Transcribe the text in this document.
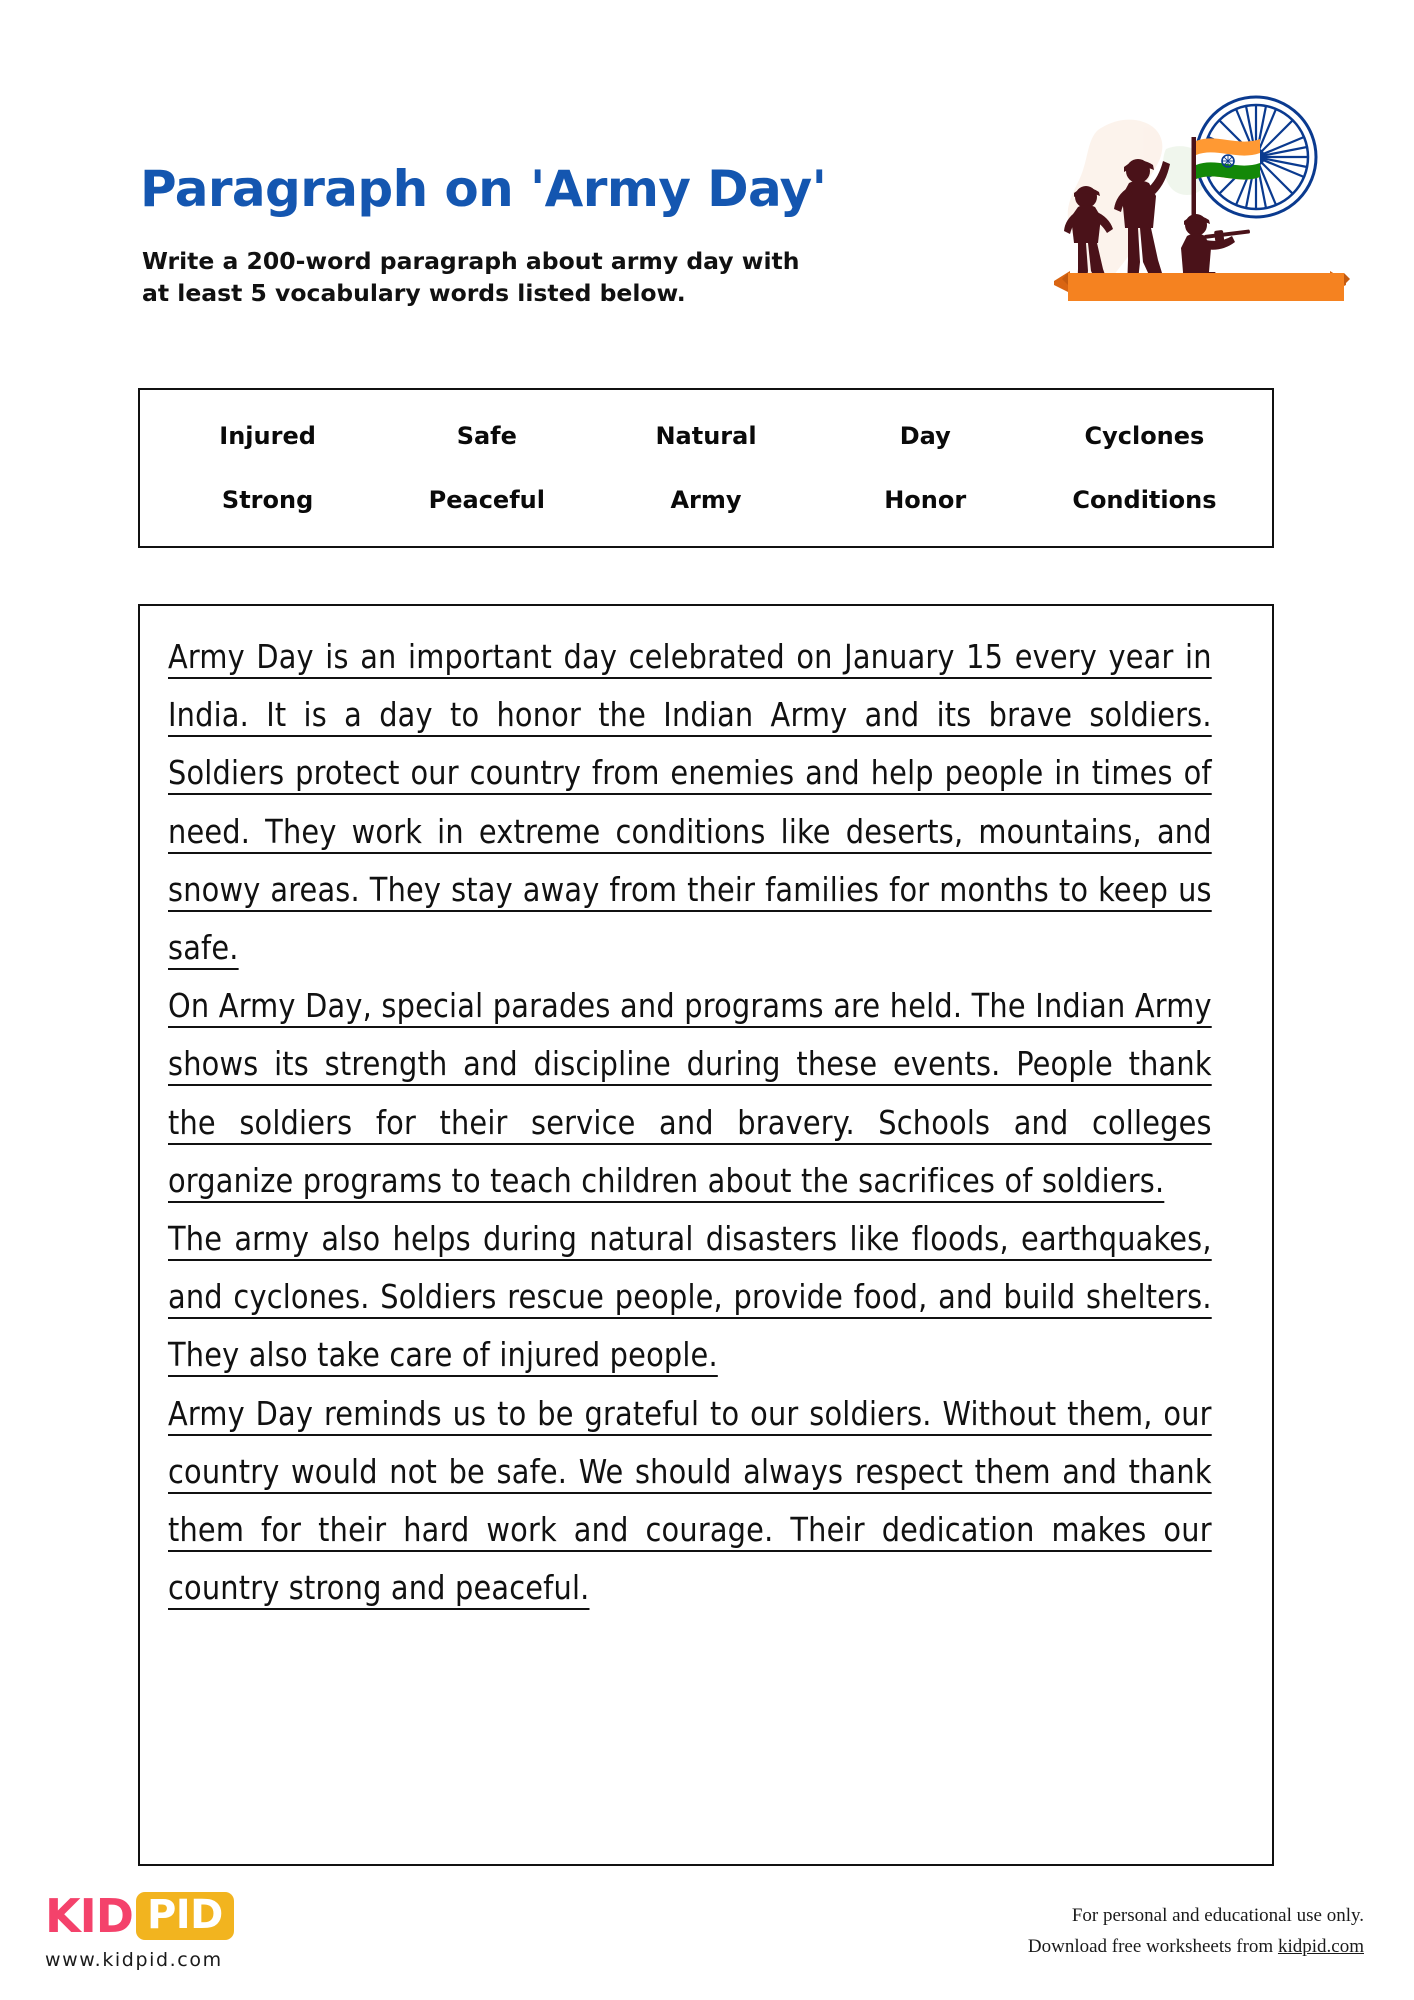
Paragraph on 'Army Day'
Write a 200-word paragraph about army day with
at least 5 vocabulary words listed below.
Injured	Safe	Natural	Day	Cyclones
Strong	Peaceful	Army	Honor	Conditions

Army Day is an important day celebrated on January 15 every year in India. It is a day to honor the Indian Army and its brave soldiers. Soldiers protect our country from enemies and help people in times of need. They work in extreme conditions like deserts, mountains, and snowy areas. They stay away from their families for months to keep us safe.

On Army Day, special parades and programs are held. The Indian Army shows its strength and discipline during these events. People thank the soldiers for their service and bravery. Schools and colleges organize programs to teach children about the sacrifices of soldiers.

The army also helps during natural disasters like floods, earthquakes, and cyclones. Soldiers rescue people, provide food, and build shelters. They also take care of injured people.

Army Day reminds us to be grateful to our soldiers. Without them, our country would not be safe. We should always respect them and thank them for their hard work and courage. Their dedication makes our country strong and peaceful.

KID PID
www.kidpid.com
For personal and educational use only.
Download free worksheets from kidpid.com
